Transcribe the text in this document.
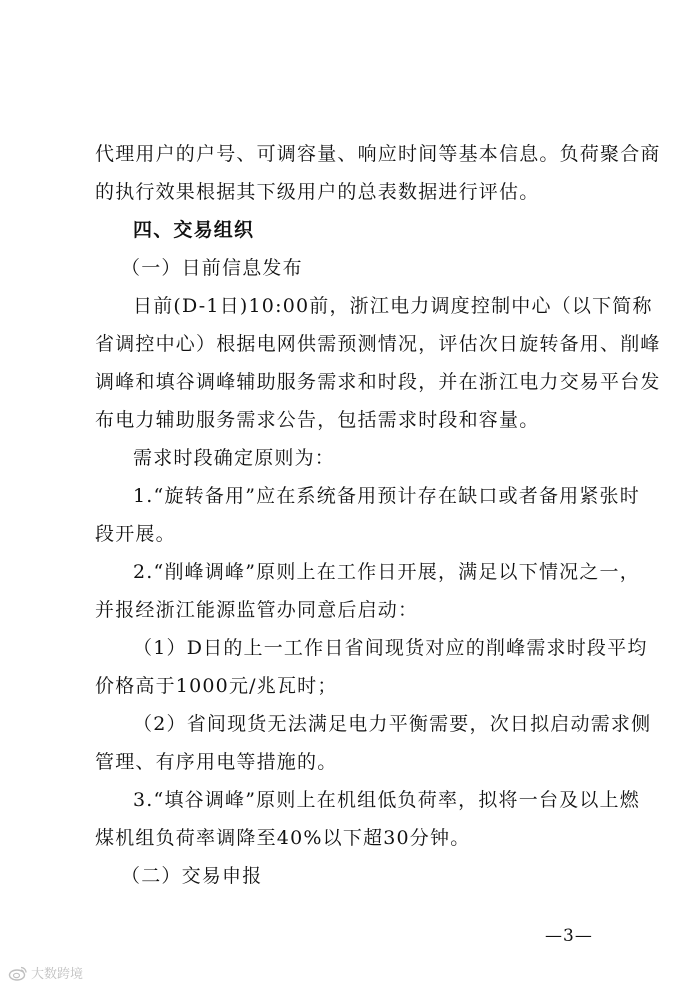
代理用户的户号、可调容量、响应时间等基本信息。负荷聚合商
的执行效果根据其下级用户的总表数据进行评估。
四、交易组织
（一）日前信息发布
日前(D-1日)10:00前，浙江电力调度控制中心（以下简称
省调控中心）根据电网供需预测情况，评估次日旋转备用、削峰
调峰和填谷调峰辅助服务需求和时段，并在浙江电力交易平台发
布电力辅助服务需求公告，包括需求时段和容量。
需求时段确定原则为：
1.“旋转备用”应在系统备用预计存在缺口或者备用紧张时
段开展。
2.“削峰调峰”原则上在工作日开展，满足以下情况之一，
并报经浙江能源监管办同意后启动：
（1）D日的上一工作日省间现货对应的削峰需求时段平均
价格高于1000元/兆瓦时；
（2）省间现货无法满足电力平衡需要，次日拟启动需求侧
管理、有序用电等措施的。
3.“填谷调峰”原则上在机组低负荷率，拟将一台及以上燃
煤机组负荷率调降至40%以下超30分钟。
（二）交易申报
—3—
大数跨境
